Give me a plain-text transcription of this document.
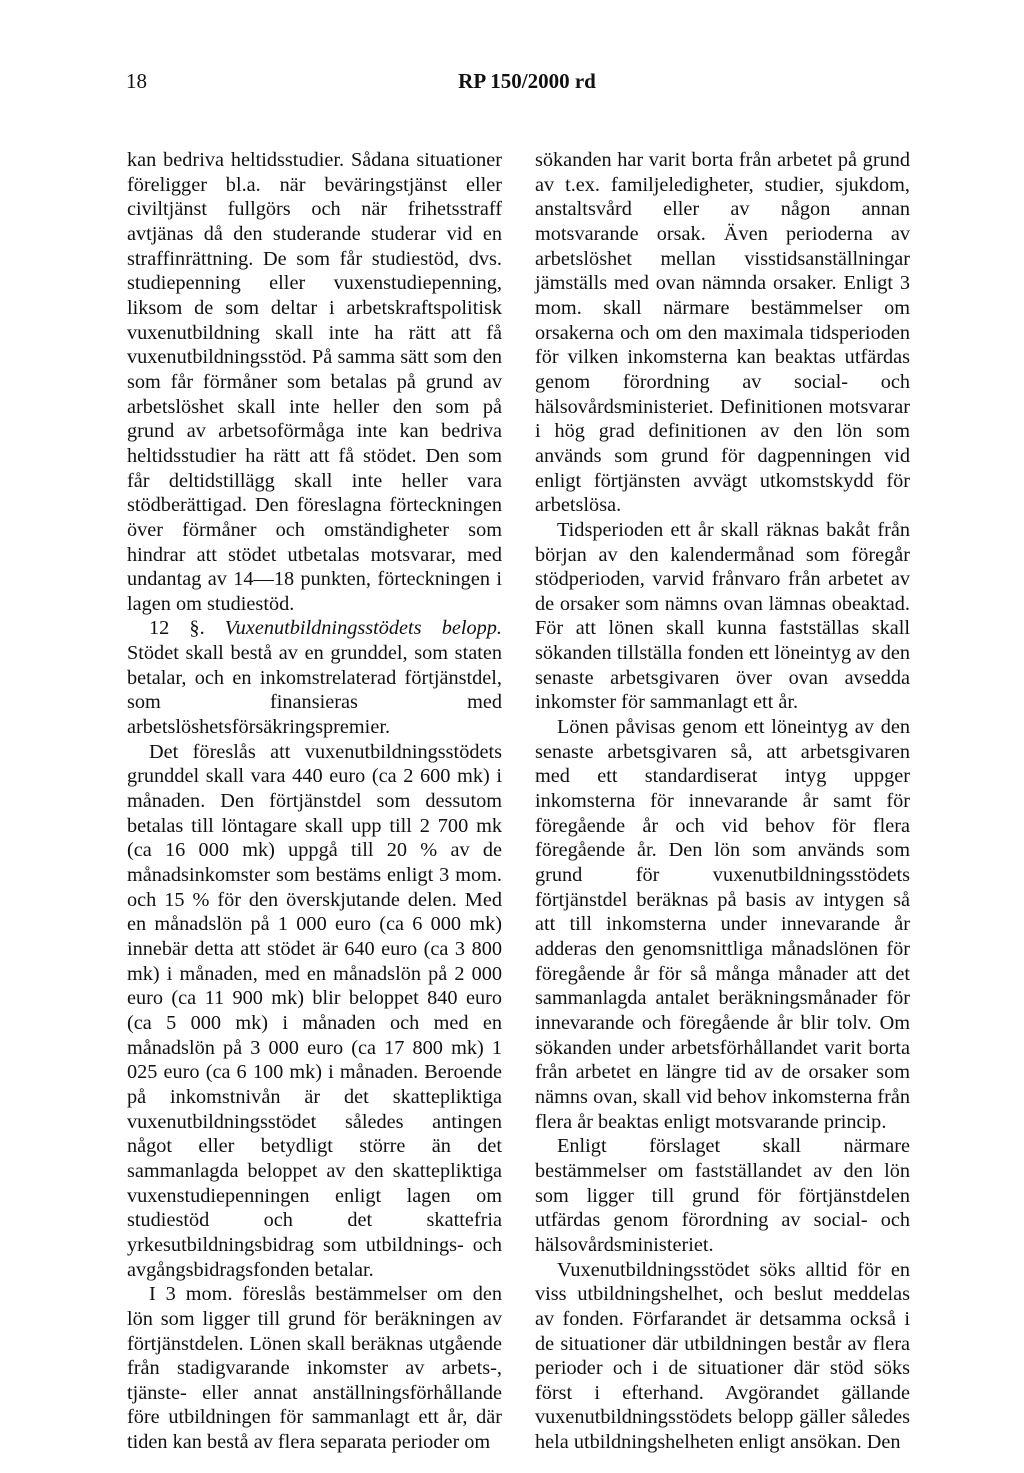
18	RP 150/2000 rd

kan bedriva heltidsstudier. Sådana situationer föreligger bl.a. när beväringstjänst eller civiltjänst fullgörs och när frihetsstraff avtjänas då den studerande studerar vid en straffinrättning. De som får studiestöd, dvs. studiepenning eller vuxenstudiepenning, liksom de som deltar i arbetskraftspolitisk vuxenutbildning skall inte ha rätt att få vuxenutbildningsstöd. På samma sätt som den som får förmåner som betalas på grund av arbetslöshet skall inte heller den som på grund av arbetsoförmåga inte kan bedriva heltidsstudier ha rätt att få stödet. Den som får deltidstillägg skall inte heller vara stödberättigad. Den föreslagna förteckningen över förmåner och omständigheter som hindrar att stödet utbetalas motsvarar, med undantag av 14—18 punkten, förteckningen i lagen om studiestöd.

12 §. Vuxenutbildningsstödets belopp. Stödet skall bestå av en grunddel, som staten betalar, och en inkomstrelaterad förtjänstdel, som finansieras med arbetslöshetsförsäkringspremier.

Det föreslås att vuxenutbildningsstödets grunddel skall vara 440 euro (ca 2 600 mk) i månaden. Den förtjänstdel som dessutom betalas till löntagare skall upp till 2 700 mk (ca 16 000 mk) uppgå till 20 % av de månadsinkomster som bestäms enligt 3 mom. och 15 % för den överskjutande delen. Med en månadslön på 1 000 euro (ca 6 000 mk) innebär detta att stödet är 640 euro (ca 3 800 mk) i månaden, med en månadslön på 2 000 euro (ca 11 900 mk) blir beloppet 840 euro (ca 5 000 mk) i månaden och med en månadslön på 3 000 euro (ca 17 800 mk) 1 025 euro (ca 6 100 mk) i månaden. Beroende på inkomstnivån är det skattepliktiga vuxenutbildningsstödet således antingen något eller betydligt större än det sammanlagda beloppet av den skattepliktiga vuxenstudiepenningen enligt lagen om studiestöd och det skattefria yrkesutbildningsbidrag som utbildnings- och avgångsbidragsfonden betalar.

I 3 mom. föreslås bestämmelser om den lön som ligger till grund för beräkningen av förtjänstdelen. Lönen skall beräknas utgående från stadigvarande inkomster av arbets-, tjänste- eller annat anställningsförhållande före utbildningen för sammanlagt ett år, där tiden kan bestå av flera separata perioder om

sökanden har varit borta från arbetet på grund av t.ex. familjeledigheter, studier, sjukdom, anstaltsvård eller av någon annan motsvarande orsak. Även perioderna av arbetslöshet mellan visstidsanställningar jämställs med ovan nämnda orsaker. Enligt 3 mom. skall närmare bestämmelser om orsakerna och om den maximala tidsperioden för vilken inkomsterna kan beaktas utfärdas genom förordning av social- och hälsovårdsministeriet. Definitionen motsvarar i hög grad definitionen av den lön som används som grund för dagpenningen vid enligt förtjänsten avvägt utkomstskydd för arbetslösa.

Tidsperioden ett år skall räknas bakåt från början av den kalendermånad som föregår stödperioden, varvid frånvaro från arbetet av de orsaker som nämns ovan lämnas obeaktad. För att lönen skall kunna fastställas skall sökanden tillställa fonden ett löneintyg av den senaste arbetsgivaren över ovan avsedda inkomster för sammanlagt ett år.

Lönen påvisas genom ett löneintyg av den senaste arbetsgivaren så, att arbetsgivaren med ett standardiserat intyg uppger inkomsterna för innevarande år samt för föregående år och vid behov för flera föregående år. Den lön som används som grund för vuxenutbildningsstödets förtjänstdel beräknas på basis av intygen så att till inkomsterna under innevarande år adderas den genomsnittliga månadslönen för föregående år för så många månader att det sammanlagda antalet beräkningsmånader för innevarande och föregående år blir tolv. Om sökanden under arbetsförhållandet varit borta från arbetet en längre tid av de orsaker som nämns ovan, skall vid behov inkomsterna från flera år beaktas enligt motsvarande princip.

Enligt förslaget skall närmare bestämmelser om fastställandet av den lön som ligger till grund för förtjänstdelen utfärdas genom förordning av social- och hälsovårdsministeriet.

Vuxenutbildningsstödet söks alltid för en viss utbildningshelhet, och beslut meddelas av fonden. Förfarandet är detsamma också i de situationer där utbildningen består av flera perioder och i de situationer där stöd söks först i efterhand. Avgörandet gällande vuxenutbildningsstödets belopp gäller således hela utbildningshelheten enligt ansökan. Den
